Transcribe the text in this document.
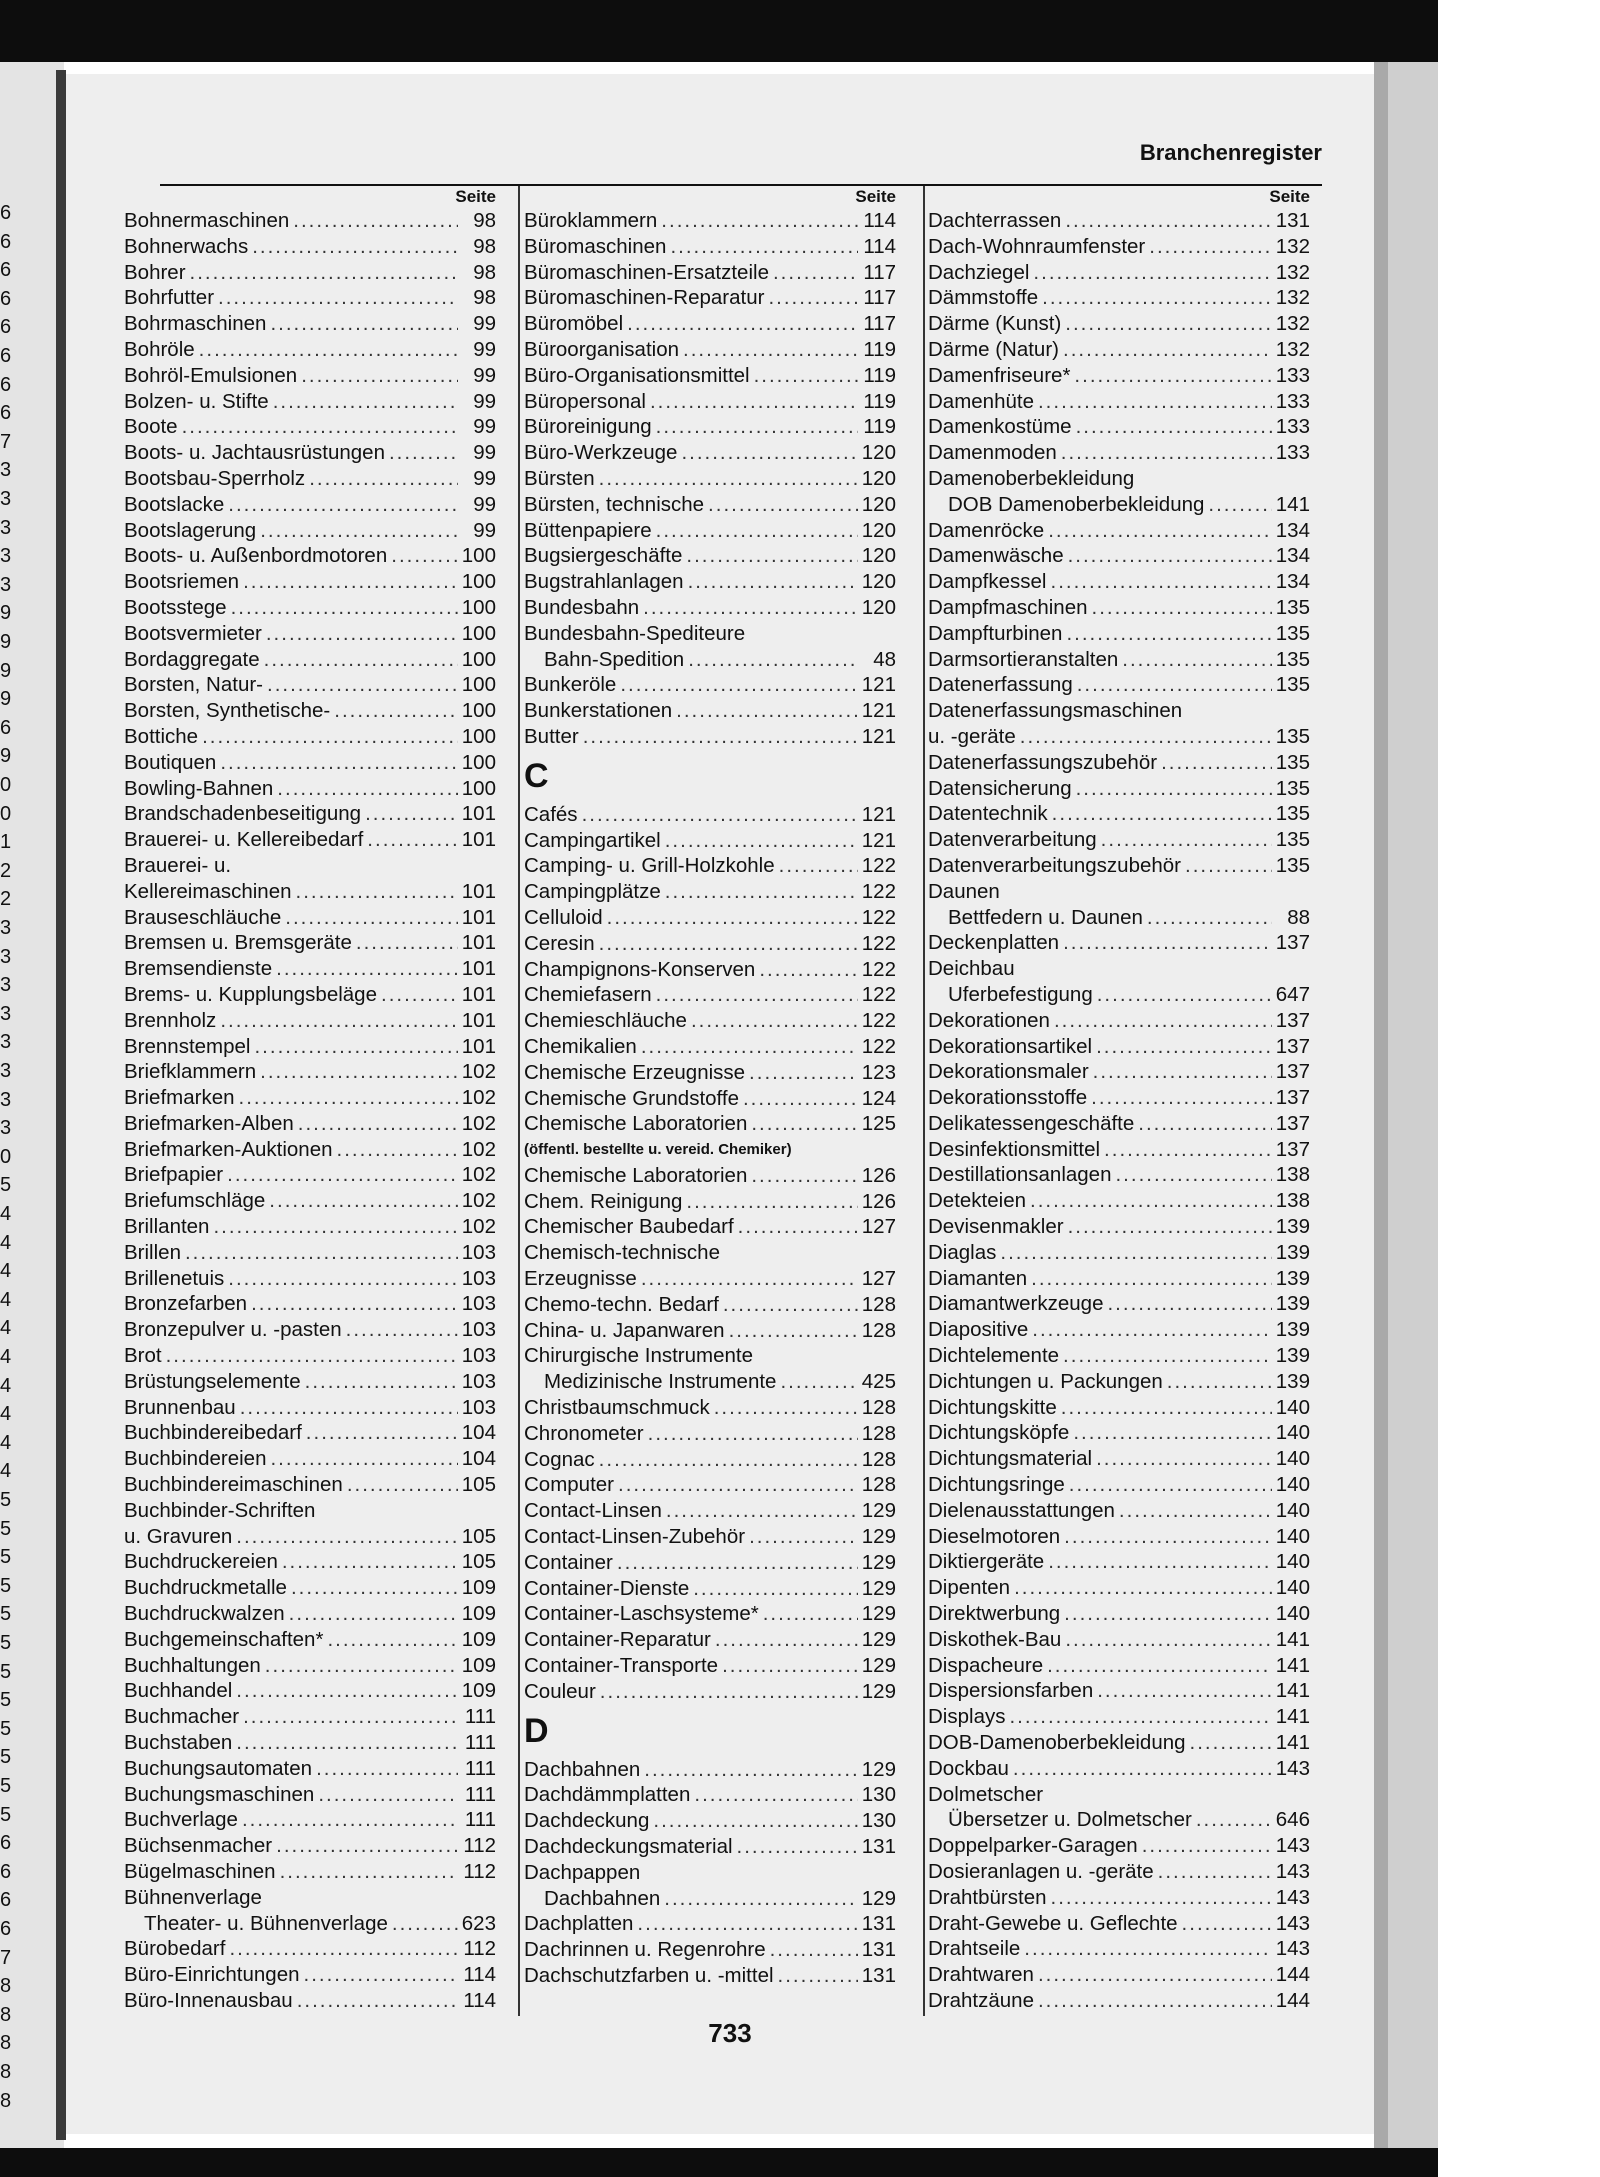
6
6
6
6
6
6
6
6
7
3
3
3
3
3
9
9
9
9
6
9
0
0
1
2
2
3
3
3
3
3
3
3
3
0
5
4
4
4
4
4
4
4
4
4
4
5
5
5
5
5
5
5
5
5
5
5
5
6
6
6
6
7
8
8
8
8
8
Branchenregister
Seite
Bohnermaschinen .....	98
Bohnerwachs .....	98
Bohrer .....	98
Bohrfutter .....	98
Bohrmaschinen .....	99
Bohröle .....	99
Bohröl-Emulsionen .....	99
Bolzen- u. Stifte .....	99
Boote .....	99
Boots- u. Jachtausrüstungen .....	99
Bootsbau-Sperrholz .....	99
Bootslacke .....	99
Bootslagerung .....	99
Boots- u. Außenbordmotoren .....	100
Bootsriemen .....	100
Bootsstege .....	100
Bootsvermieter .....	100
Bordaggregate .....	100
Borsten, Natur- .....	100
Borsten, Synthetische- .....	100
Bottiche .....	100
Boutiquen .....	100
Bowling-Bahnen .....	100
Brandschadenbeseitigung .....	101
Brauerei- u. Kellereibedarf .....	101
Brauerei- u.
Kellereimaschinen .....	101
Brauseschläuche .....	101
Bremsen u. Bremsgeräte .....	101
Bremsendienste .....	101
Brems- u. Kupplungsbeläge .....	101
Brennholz .....	101
Brennstempel .....	101
Briefklammern .....	102
Briefmarken .....	102
Briefmarken-Alben .....	102
Briefmarken-Auktionen .....	102
Briefpapier .....	102
Briefumschläge .....	102
Brillanten .....	102
Brillen .....	103
Brillenetuis .....	103
Bronzefarben .....	103
Bronzepulver u. -pasten .....	103
Brot .....	103
Brüstungselemente .....	103
Brunnenbau .....	103
Buchbindereibedarf .....	104
Buchbindereien .....	104
Buchbindereimaschinen .....	105
Buchbinder-Schriften
u. Gravuren .....	105
Buchdruckereien .....	105
Buchdruckmetalle .....	109
Buchdruckwalzen .....	109
Buchgemeinschaften* .....	109
Buchhaltungen .....	109
Buchhandel .....	109
Buchmacher .....	111
Buchstaben .....	111
Buchungsautomaten .....	111
Buchungsmaschinen .....	111
Buchverlage .....	111
Büchsenmacher .....	112
Bügelmaschinen .....	112
Bühnenverlage
Theater- u. Bühnenverlage .....	623
Bürobedarf .....	112
Büro-Einrichtungen .....	114
Büro-Innenausbau .....	114
Seite
Büroklammern .....	114
Büromaschinen .....	114
Büromaschinen-Ersatzteile .....	117
Büromaschinen-Reparatur .....	117
Büromöbel .....	117
Büroorganisation .....	119
Büro-Organisationsmittel .....	119
Büropersonal .....	119
Büroreinigung .....	119
Büro-Werkzeuge .....	120
Bürsten .....	120
Bürsten, technische .....	120
Büttenpapiere .....	120
Bugsiergeschäfte .....	120
Bugstrahlanlagen .....	120
Bundesbahn .....	120
Bundesbahn-Spediteure
Bahn-Spedition .....	48
Bunkeröle .....	121
Bunkerstationen .....	121
Butter .....	121
C
Cafés .....	121
Campingartikel .....	121
Camping- u. Grill-Holzkohle .....	122
Campingplätze .....	122
Celluloid .....	122
Ceresin .....	122
Champignons-Konserven .....	122
Chemiefasern .....	122
Chemieschläuche .....	122
Chemikalien .....	122
Chemische Erzeugnisse .....	123
Chemische Grundstoffe .....	124
Chemische Laboratorien .....	125
(öffentl. bestellte u. vereid. Chemiker)
Chemische Laboratorien .....	126
Chem. Reinigung .....	126
Chemischer Baubedarf .....	127
Chemisch-technische
Erzeugnisse .....	127
Chemo-techn. Bedarf .....	128
China- u. Japanwaren .....	128
Chirurgische Instrumente
Medizinische Instrumente .....	425
Christbaumschmuck .....	128
Chronometer .....	128
Cognac .....	128
Computer .....	128
Contact-Linsen .....	129
Contact-Linsen-Zubehör .....	129
Container .....	129
Container-Dienste .....	129
Container-Laschsysteme* .....	129
Container-Reparatur .....	129
Container-Transporte .....	129
Couleur .....	129
D
Dachbahnen .....	129
Dachdämmplatten .....	130
Dachdeckung .....	130
Dachdeckungsmaterial .....	131
Dachpappen
Dachbahnen .....	129
Dachplatten .....	131
Dachrinnen u. Regenrohre .....	131
Dachschutzfarben u. -mittel .....	131
Seite
Dachterrassen .....	131
Dach-Wohnraumfenster .....	132
Dachziegel .....	132
Dämmstoffe .....	132
Därme (Kunst) .....	132
Därme (Natur) .....	132
Damenfriseure* .....	133
Damenhüte .....	133
Damenkostüme .....	133
Damenmoden .....	133
Damenoberbekleidung
DOB Damenoberbekleidung .....	141
Damenröcke .....	134
Damenwäsche .....	134
Dampfkessel .....	134
Dampfmaschinen .....	135
Dampfturbinen .....	135
Darmsortieranstalten .....	135
Datenerfassung .....	135
Datenerfassungsmaschinen
u. -geräte .....	135
Datenerfassungszubehör .....	135
Datensicherung .....	135
Datentechnik .....	135
Datenverarbeitung .....	135
Datenverarbeitungszubehör .....	135
Daunen
Bettfedern u. Daunen .....	88
Deckenplatten .....	137
Deichbau
Uferbefestigung .....	647
Dekorationen .....	137
Dekorationsartikel .....	137
Dekorationsmaler .....	137
Dekorationsstoffe .....	137
Delikatessengeschäfte .....	137
Desinfektionsmittel .....	137
Destillationsanlagen .....	138
Detekteien .....	138
Devisenmakler .....	139
Diaglas .....	139
Diamanten .....	139
Diamantwerkzeuge .....	139
Diapositive .....	139
Dichtelemente .....	139
Dichtungen u. Packungen .....	139
Dichtungskitte .....	140
Dichtungsköpfe .....	140
Dichtungsmaterial .....	140
Dichtungsringe .....	140
Dielenausstattungen .....	140
Dieselmotoren .....	140
Diktiergeräte .....	140
Dipenten .....	140
Direktwerbung .....	140
Diskothek-Bau .....	141
Dispacheure .....	141
Dispersionsfarben .....	141
Displays .....	141
DOB-Damenoberbekleidung .....	141
Dockbau .....	143
Dolmetscher
Übersetzer u. Dolmetscher .....	646
Doppelparker-Garagen .....	143
Dosieranlagen u. -geräte .....	143
Drahtbürsten .....	143
Draht-Gewebe u. Geflechte .....	143
Drahtseile .....	143
Drahtwaren .....	144
Drahtzäune .....	144
733
